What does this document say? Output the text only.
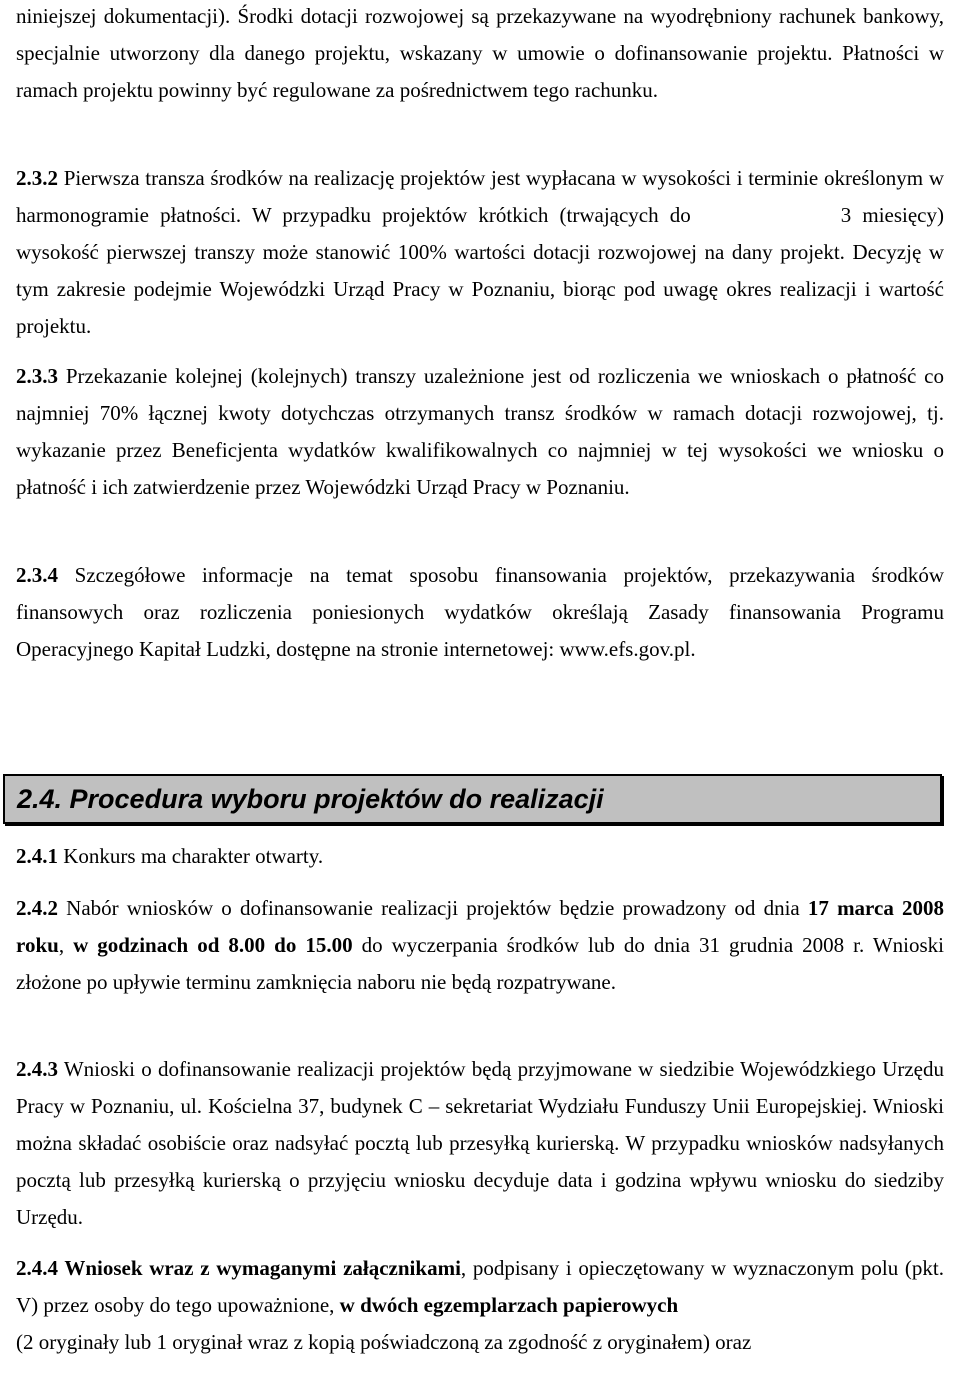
niniejszej dokumentacji). Środki dotacji rozwojowej są przekazywane na wyodrębniony rachunek bankowy, specjalnie utworzony dla danego projektu, wskazany w umowie o dofinansowanie projektu. Płatności w ramach projektu powinny być regulowane za pośrednictwem tego rachunku.

2.3.2 Pierwsza transza środków na realizację projektów jest wypłacana w wysokości i terminie określonym w harmonogramie płatności. W przypadku projektów krótkich (trwających do	3 miesięcy) wysokość pierwszej transzy może stanowić 100% wartości dotacji rozwojowej na dany projekt. Decyzję w tym zakresie podejmie Wojewódzki Urząd Pracy w Poznaniu, biorąc pod uwagę okres realizacji i wartość projektu.

2.3.3 Przekazanie kolejnej (kolejnych) transzy uzależnione jest od rozliczenia we wnioskach o płatność co najmniej 70% łącznej kwoty dotychczas otrzymanych transz środków w ramach dotacji rozwojowej, tj. wykazanie przez Beneficjenta wydatków kwalifikowalnych co najmniej w tej wysokości we wniosku o płatność i ich zatwierdzenie przez Wojewódzki Urząd Pracy w Poznaniu.

2.3.4 Szczegółowe informacje na temat sposobu finansowania projektów, przekazywania środków finansowych oraz rozliczenia poniesionych wydatków określają Zasady finansowania Programu Operacyjnego Kapitał Ludzki, dostępne na stronie internetowej: www.efs.gov.pl.

2.4. Procedura wyboru projektów do realizacji

2.4.1 Konkurs ma charakter otwarty.

2.4.2 Nabór wniosków o dofinansowanie realizacji projektów będzie prowadzony od dnia 17 marca 2008 roku, w godzinach od 8.00 do 15.00 do wyczerpania środków lub do dnia 31 grudnia 2008 r. Wnioski złożone po upływie terminu zamknięcia naboru nie będą rozpatrywane.

2.4.3 Wnioski o dofinansowanie realizacji projektów będą przyjmowane w siedzibie Wojewódzkiego Urzędu Pracy w Poznaniu, ul. Kościelna 37, budynek C – sekretariat Wydziału Funduszy Unii Europejskiej. Wnioski można składać osobiście oraz nadsyłać pocztą lub przesyłką kurierską. W przypadku wniosków nadsyłanych pocztą lub przesyłką kurierską o przyjęciu wniosku decyduje data i godzina wpływu wniosku do siedziby Urzędu.

2.4.4 Wniosek wraz z wymaganymi załącznikami, podpisany i opieczętowany w wyznaczonym polu (pkt. V) przez osoby do tego upoważnione, w dwóch egzemplarzach papierowych

(2 oryginały lub 1 oryginał wraz z kopią poświadczoną za zgodność z oryginałem) oraz
